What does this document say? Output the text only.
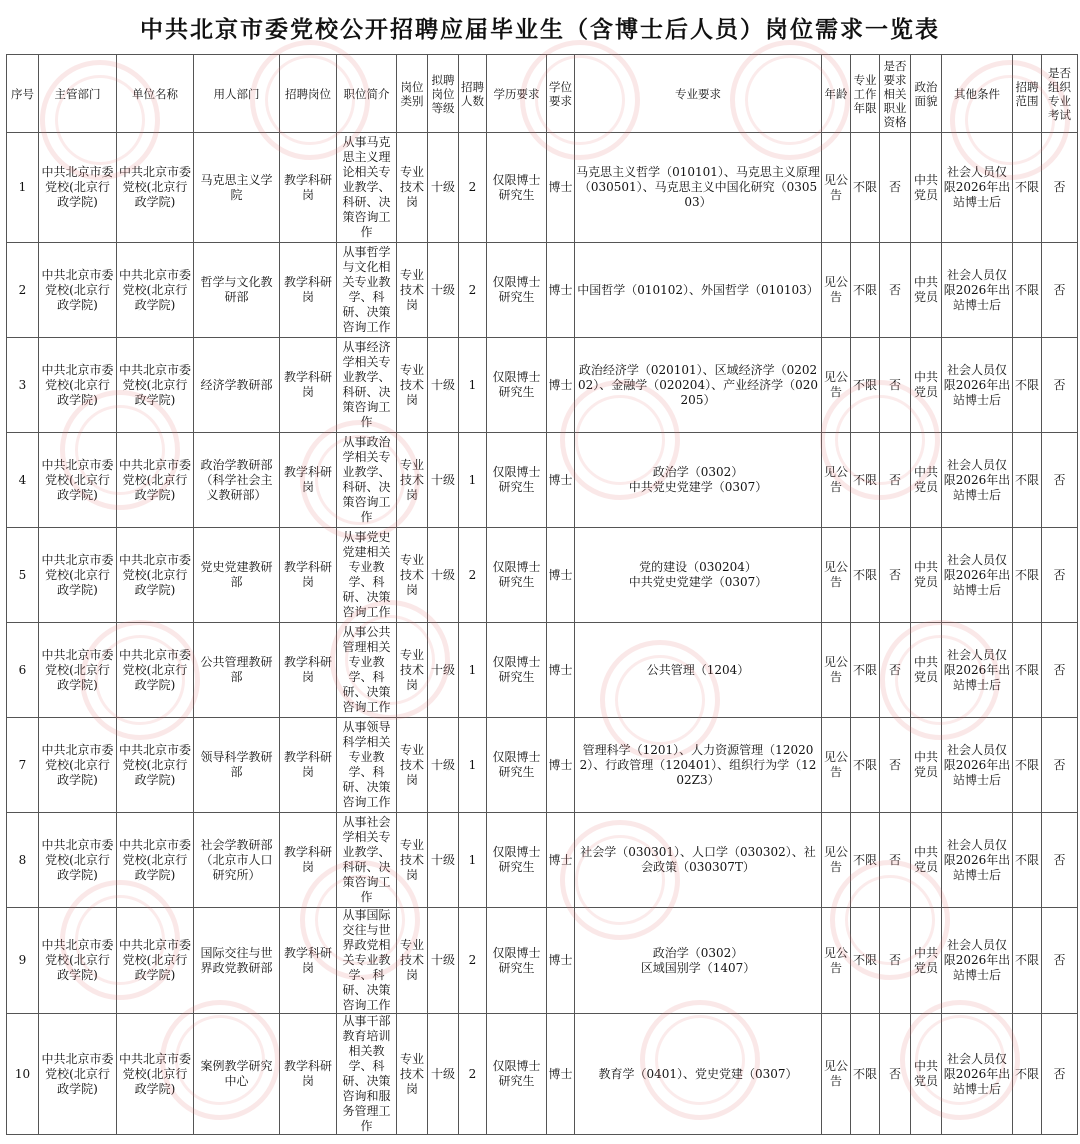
中共北京市委党校公开招聘应届毕业生（含博士后人员）岗位需求一览表
序号	主管部门	单位名称	用人部门	招聘岗位	职位简介	岗位类别	拟聘岗位等级	招聘人数	学历要求	学位要求	专业要求	年龄	专业工作年限	是否要求相关职业资格	政治面貌	其他条件	招聘范围	是否组织专业考试
1	中共北京市委党校(北京行政学院)	中共北京市委党校(北京行政学院)	马克思主义学院	教学科研岗	从事马克思主义理论相关专业教学、科研、决策咨询工作	专业技术岗	十级	2	仅限博士研究生	博士	马克思主义哲学（010101）、马克思主义原理（030501）、马克思主义中国化研究（030503）	见公告	不限	否	中共党员	社会人员仅限2026年出站博士后	不限	否
2	中共北京市委党校(北京行政学院)	中共北京市委党校(北京行政学院)	哲学与文化教研部	教学科研岗	从事哲学与文化相关专业教学、科研、决策咨询工作	专业技术岗	十级	2	仅限博士研究生	博士	中国哲学（010102）、外国哲学（010103）	见公告	不限	否	中共党员	社会人员仅限2026年出站博士后	不限	否
3	中共北京市委党校(北京行政学院)	中共北京市委党校(北京行政学院)	经济学教研部	教学科研岗	从事经济学相关专业教学、科研、决策咨询工作	专业技术岗	十级	1	仅限博士研究生	博士	政治经济学（020101）、区域经济学（020202）、金融学（020204）、产业经济学（020205）	见公告	不限	否	中共党员	社会人员仅限2026年出站博士后	不限	否
4	中共北京市委党校(北京行政学院)	中共北京市委党校(北京行政学院)	政治学教研部（科学社会主义教研部）	教学科研岗	从事政治学相关专业教学、科研、决策咨询工作	专业技术岗	十级	1	仅限博士研究生	博士	政治学（0302）
中共党史党建学（0307）	见公告	不限	否	中共党员	社会人员仅限2026年出站博士后	不限	否
5	中共北京市委党校(北京行政学院)	中共北京市委党校(北京行政学院)	党史党建教研部	教学科研岗	从事党史党建相关专业教学、科研、决策咨询工作	专业技术岗	十级	2	仅限博士研究生	博士	党的建设（030204）
中共党史党建学（0307）	见公告	不限	否	中共党员	社会人员仅限2026年出站博士后	不限	否
6	中共北京市委党校(北京行政学院)	中共北京市委党校(北京行政学院)	公共管理教研部	教学科研岗	从事公共管理相关专业教学、科研、决策咨询工作	专业技术岗	十级	1	仅限博士研究生	博士	公共管理（1204）	见公告	不限	否	中共党员	社会人员仅限2026年出站博士后	不限	否
7	中共北京市委党校(北京行政学院)	中共北京市委党校(北京行政学院)	领导科学教研部	教学科研岗	从事领导科学相关专业教学、科研、决策咨询工作	专业技术岗	十级	1	仅限博士研究生	博士	管理科学（1201）、人力资源管理（120202）、行政管理（120401）、组织行为学（1202Z3）	见公告	不限	否	中共党员	社会人员仅限2026年出站博士后	不限	否
8	中共北京市委党校(北京行政学院)	中共北京市委党校(北京行政学院)	社会学教研部（北京市人口研究所）	教学科研岗	从事社会学相关专业教学、科研、决策咨询工作	专业技术岗	十级	1	仅限博士研究生	博士	社会学（030301）、人口学（030302）、社会政策（030307T）	见公告	不限	否	中共党员	社会人员仅限2026年出站博士后	不限	否
9	中共北京市委党校(北京行政学院)	中共北京市委党校(北京行政学院)	国际交往与世界政党教研部	教学科研岗	从事国际交往与世界政党相关专业教学、科研、决策咨询工作	专业技术岗	十级	2	仅限博士研究生	博士	政治学（0302）
区域国别学（1407）	见公告	不限	否	中共党员	社会人员仅限2026年出站博士后	不限	否
10	中共北京市委党校(北京行政学院)	中共北京市委党校(北京行政学院)	案例教学研究中心	教学科研岗	从事干部教育培训相关教学、科研、决策咨询和服务管理工作	专业技术岗	十级	2	仅限博士研究生	博士	教育学（0401）、党史党建（0307）	见公告	不限	否	中共党员	社会人员仅限2026年出站博士后	不限	否
